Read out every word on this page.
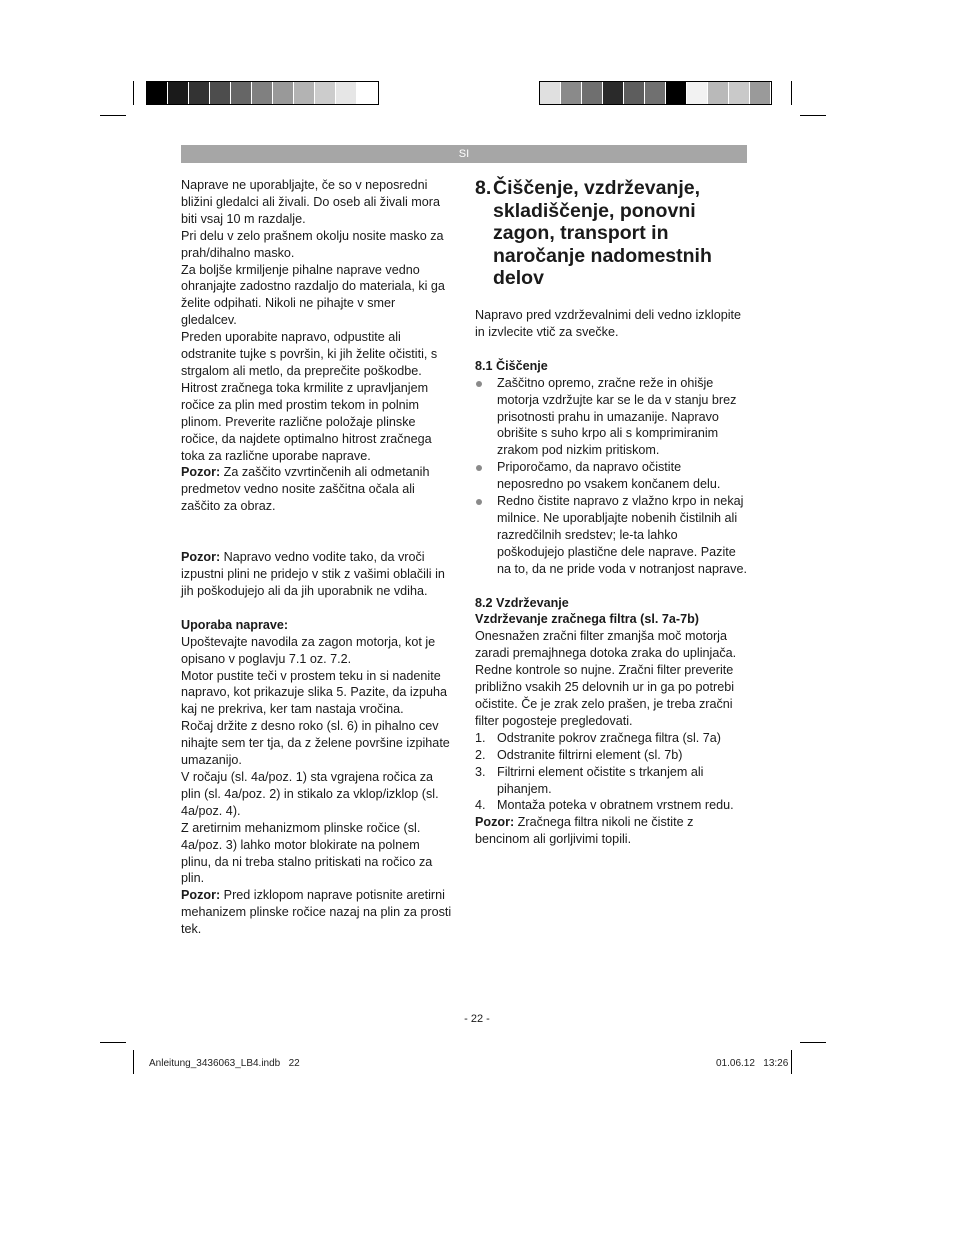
SI

Naprave ne uporabljajte, če so v neposredni bližini gledalci ali živali. Do oseb ali živali mora biti vsaj 10 m razdalje.

Pri delu v zelo prašnem okolju nosite masko za prah/dihalno masko.

Za boljše krmiljenje pihalne naprave vedno ohranjajte zadostno razdaljo do materiala, ki ga želite odpihati. Nikoli ne pihajte v smer gledalcev.

Preden uporabite napravo, odpustite ali odstranite tujke s površin, ki jih želite očistiti, s strgalom ali metlo, da preprečite poškodbe.

Hitrost zračnega toka krmilite z upravljanjem ročice za plin med prostim tekom in polnim plinom. Preverite različne položaje plinske ročice, da najdete optimalno hitrost zračnega toka za različne uporabe naprave.

Pozor: Za zaščito vzvrtinčenih ali odmetanih predmetov vedno nosite zaščitna očala ali zaščito za obraz.

Pozor: Napravo vedno vodite tako, da vroči izpustni plini ne pridejo v stik z vašimi oblačili in jih poškodujejo ali da jih uporabnik ne vdiha.

Uporaba naprave:

Upoštevajte navodila za zagon motorja, kot je opisano v poglavju 7.1 oz. 7.2.

Motor pustite teči v prostem teku in si nadenite napravo, kot prikazuje slika 5. Pazite, da izpuha kaj ne prekriva, ker tam nastaja vročina.

Ročaj držite z desno roko (sl. 6) in pihalno cev nihajte sem ter tja, da z želene površine izpihate umazanijo.

V ročaju (sl. 4a/poz. 1) sta vgrajena ročica za plin (sl. 4a/poz. 2) in stikalo za vklop/izklop (sl. 4a/poz. 4).

Z aretirnim mehanizmom plinske ročice (sl. 4a/poz. 3) lahko motor blokirate na polnem plinu, da ni treba stalno pritiskati na ročico za plin.

Pozor: Pred izklopom naprave potisnite aretirni mehanizem plinske ročice nazaj na plin za prosti tek.

8. Čiščenje, vzdrževanje, skladiščenje, ponovni zagon, transport in naročanje nadomestnih delov

Napravo pred vzdrževalnimi deli vedno izklopite in izvlecite vtič za svečke.

8.1 Čiščenje

Zaščitno opremo, zračne reže in ohišje motorja vzdržujte kar se le da v stanju brez prisotnosti prahu in umazanije. Napravo obrišite s suho krpo ali s komprimiranim zrakom pod nizkim pritiskom.
Priporočamo, da napravo očistite neposredno po vsakem končanem delu.
Redno čistite napravo z vlažno krpo in nekaj milnice. Ne uporabljajte nobenih čistilnih ali razredčilnih sredstev; le-ta lahko poškodujejo plastične dele naprave. Pazite na to, da ne pride voda v notranjost naprave.

8.2 Vzdrževanje

Vzdrževanje zračnega filtra (sl. 7a-7b)

Onesnažen zračni filter zmanjša moč motorja zaradi premajhnega dotoka zraka do uplinjača. Redne kontrole so nujne. Zračni filter preverite približno vsakih 25 delovnih ur in ga po potrebi očistite. Če je zrak zelo prašen, je treba zračni filter pogosteje pregledovati.

1. Odstranite pokrov zračnega filtra (sl. 7a)
2. Odstranite filtrirni element (sl. 7b)
3. Filtrirni element očistite s trkanjem ali pihanjem.
4. Montaža poteka v obratnem vrstnem redu.

Pozor: Zračnega filtra nikoli ne čistite z bencinom ali gorljivimi topili.

- 22 -
Anleitung_3436063_LB4.indb   22	01.06.12   13:26
